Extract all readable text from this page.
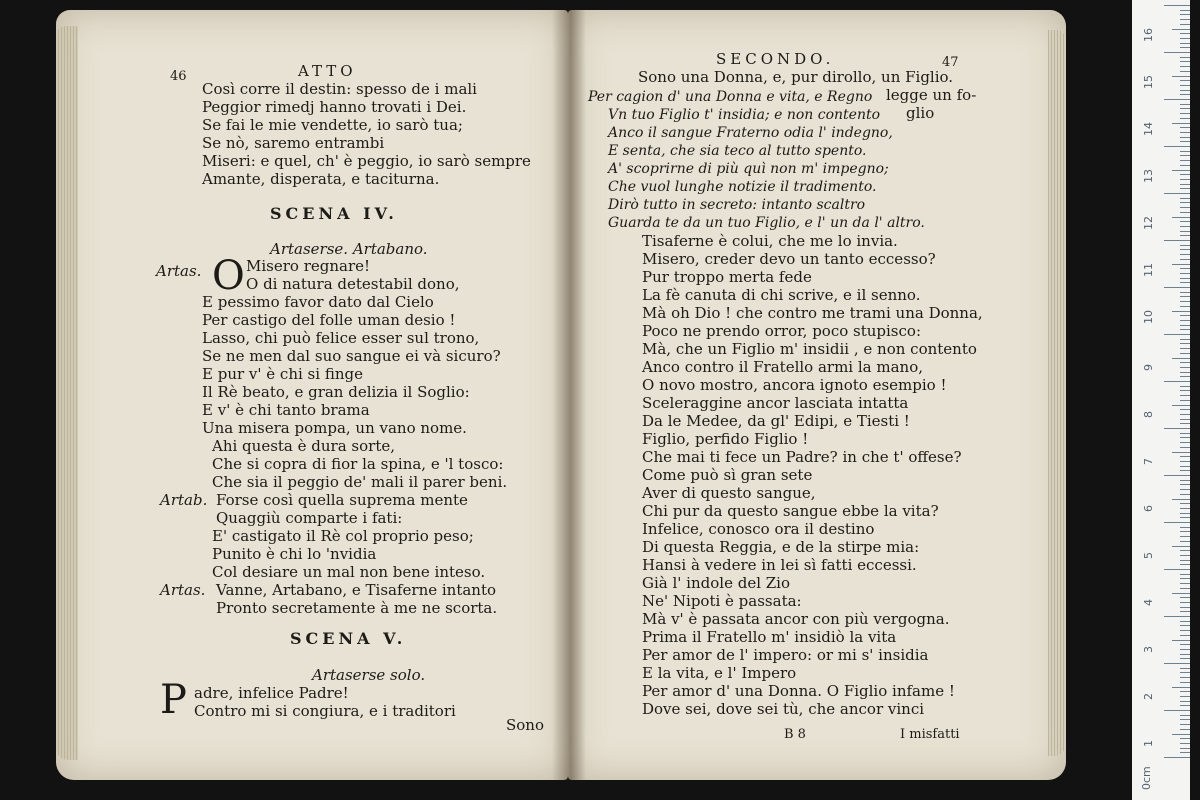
46	ATTO
Così corre il destin: spesso de i mali
Peggior rimedj hanno trovati i Dei.
Se fai le mie vendette, io sarò tua;
Se nò, saremo entrambi
Miseri: e quel, ch' è peggio, io sarò sempre
Amante, disperata, e taciturna.
SCENA IV.
Artaserse. Artabano.
Artas. O Misero regnare!
O di natura detestabil dono,
E pessimo favor dato dal Cielo
Per castigo del folle uman desio !
Lasso, chi può felice esser sul trono,
Se ne men dal suo sangue ei và sicuro?
E pur v' è chi si finge
Il Rè beato, e gran delizia il Soglio:
E v' è chi tanto brama
Una misera pompa, un vano nome.
Ahi questa è dura sorte,
Che si copra di fior la spina, e 'l tosco:
Che sia il peggio de' mali il parer beni.
Artab. Forse così quella suprema mente
Quaggiù comparte i fati:
E' castigato il Rè col proprio peso;
Punito è chi lo 'nvidia
Col desiare un mal non bene inteso.
Artas. Vanne, Artabano, e Tisaferne intanto
Pronto secretamente à me ne scorta.
SCENA V.
Artaserse solo.
P adre, infelice Padre!
Contro mi si congiura, e i traditori
Sono
SECONDO.	47
Sono una Donna, e, pur dirollo, un Figlio.
Per cagion d' una Donna e vita, e Regno legge un fo-
Vn tuo Figlio t' insidia; e non contento glio
Anco il sangue Fraterno odia l' indegno,
E senta, che sia teco al tutto spento.
A' scoprirne di più quì non m' impegno;
Che vuol lunghe notizie il tradimento.
Dirò tutto in secreto: intanto scaltro
Guarda te da un tuo Figlio, e l' un da l' altro.
Tisaferne è colui, che me lo invia.
Misero, creder devo un tanto eccesso?
Pur troppo merta fede
La fè canuta di chi scrive, e il senno.
Mà oh Dio ! che contro me trami una Donna,
Poco ne prendo orror, poco stupisco:
Mà, che un Figlio m' insidii , e non contento
Anco contro il Fratello armi la mano,
O novo mostro, ancora ignoto esempio !
Sceleraggine ancor lasciata intatta
Da le Medee, da gl' Edipi, e Tiesti !
Figlio, perfido Figlio !
Che mai ti fece un Padre? in che t' offese?
Come può sì gran sete
Aver di questo sangue,
Chi pur da questo sangue ebbe la vita?
Infelice, conosco ora il destino
Di questa Reggia, e de la stirpe mia:
Hansi à vedere in lei sì fatti eccessi.
Già l' indole del Zio
Ne' Nipoti è passata:
Mà v' è passata ancor con più vergogna.
Prima il Fratello m' insidiò la vita
Per amor de l' impero: or mi s' insidia
E la vita, e l' Impero
Per amor d' una Donna. O Figlio infame !
Dove sei, dove sei tù, che ancor vinci
B 8	I misfatti
16
15
14
13
12
11
10
9
8
7
6
5
4
3
2
1
0cm
